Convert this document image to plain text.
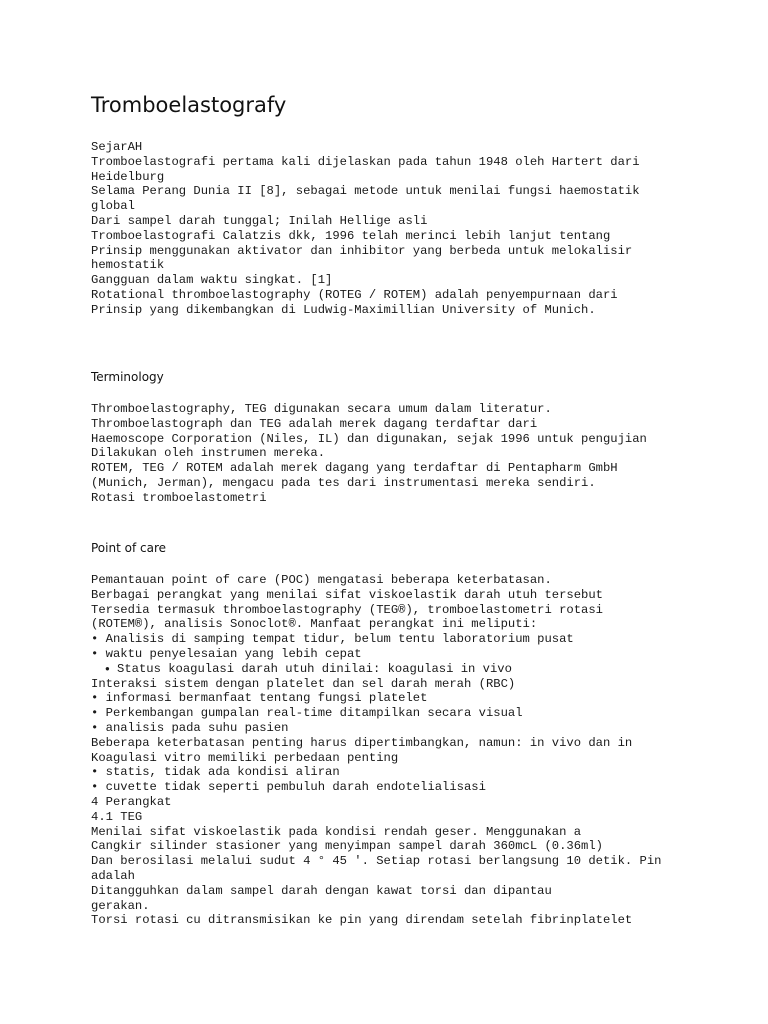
Tromboelastografy
SejarAH
Tromboelastografi pertama kali dijelaskan pada tahun 1948 oleh Hartert dari
Heidelburg
Selama Perang Dunia II [8], sebagai metode untuk menilai fungsi haemostatik
global
Dari sampel darah tunggal; Inilah Hellige asli
Tromboelastografi Calatzis dkk, 1996 telah merinci lebih lanjut tentang
Prinsip menggunakan aktivator dan inhibitor yang berbeda untuk melokalisir
hemostatik
Gangguan dalam waktu singkat. [1]
Rotational thromboelastography (ROTEG / ROTEM) adalah penyempurnaan dari
Prinsip yang dikembangkan di Ludwig-Maximillian University of Munich.
Terminology
Thromboelastography, TEG digunakan secara umum dalam literatur.
Thromboelastograph dan TEG adalah merek dagang terdaftar dari
Haemoscope Corporation (Niles, IL) dan digunakan, sejak 1996 untuk pengujian
Dilakukan oleh instrumen mereka.
ROTEM, TEG / ROTEM adalah merek dagang yang terdaftar di Pentapharm GmbH
(Munich, Jerman), mengacu pada tes dari instrumentasi mereka sendiri.
Rotasi tromboelastometri
Point of care
Pemantauan point of care (POC) mengatasi beberapa keterbatasan.
Berbagai perangkat yang menilai sifat viskoelastik darah utuh tersebut
Tersedia termasuk thromboelastography (TEG®), tromboelastometri rotasi
(ROTEM®), analisis Sonoclot®. Manfaat perangkat ini meliputi:
• Analisis di samping tempat tidur, belum tentu laboratorium pusat
• waktu penyelesaian yang lebih cepat
● Status koagulasi darah utuh dinilai: koagulasi in vivo
Interaksi sistem dengan platelet dan sel darah merah (RBC)
• informasi bermanfaat tentang fungsi platelet
• Perkembangan gumpalan real-time ditampilkan secara visual
• analisis pada suhu pasien
Beberapa keterbatasan penting harus dipertimbangkan, namun: in vivo dan in
Koagulasi vitro memiliki perbedaan penting
• statis, tidak ada kondisi aliran
• cuvette tidak seperti pembuluh darah endotelialisasi
4 Perangkat
4.1 TEG
Menilai sifat viskoelastik pada kondisi rendah geser. Menggunakan a
Cangkir silinder stasioner yang menyimpan sampel darah 360mcL (0.36ml)
Dan berosilasi melalui sudut 4 ° 45 '. Setiap rotasi berlangsung 10 detik. Pin
adalah
Ditangguhkan dalam sampel darah dengan kawat torsi dan dipantau
gerakan.
Torsi rotasi cu ditransmisikan ke pin yang direndam setelah fibrinplatelet
